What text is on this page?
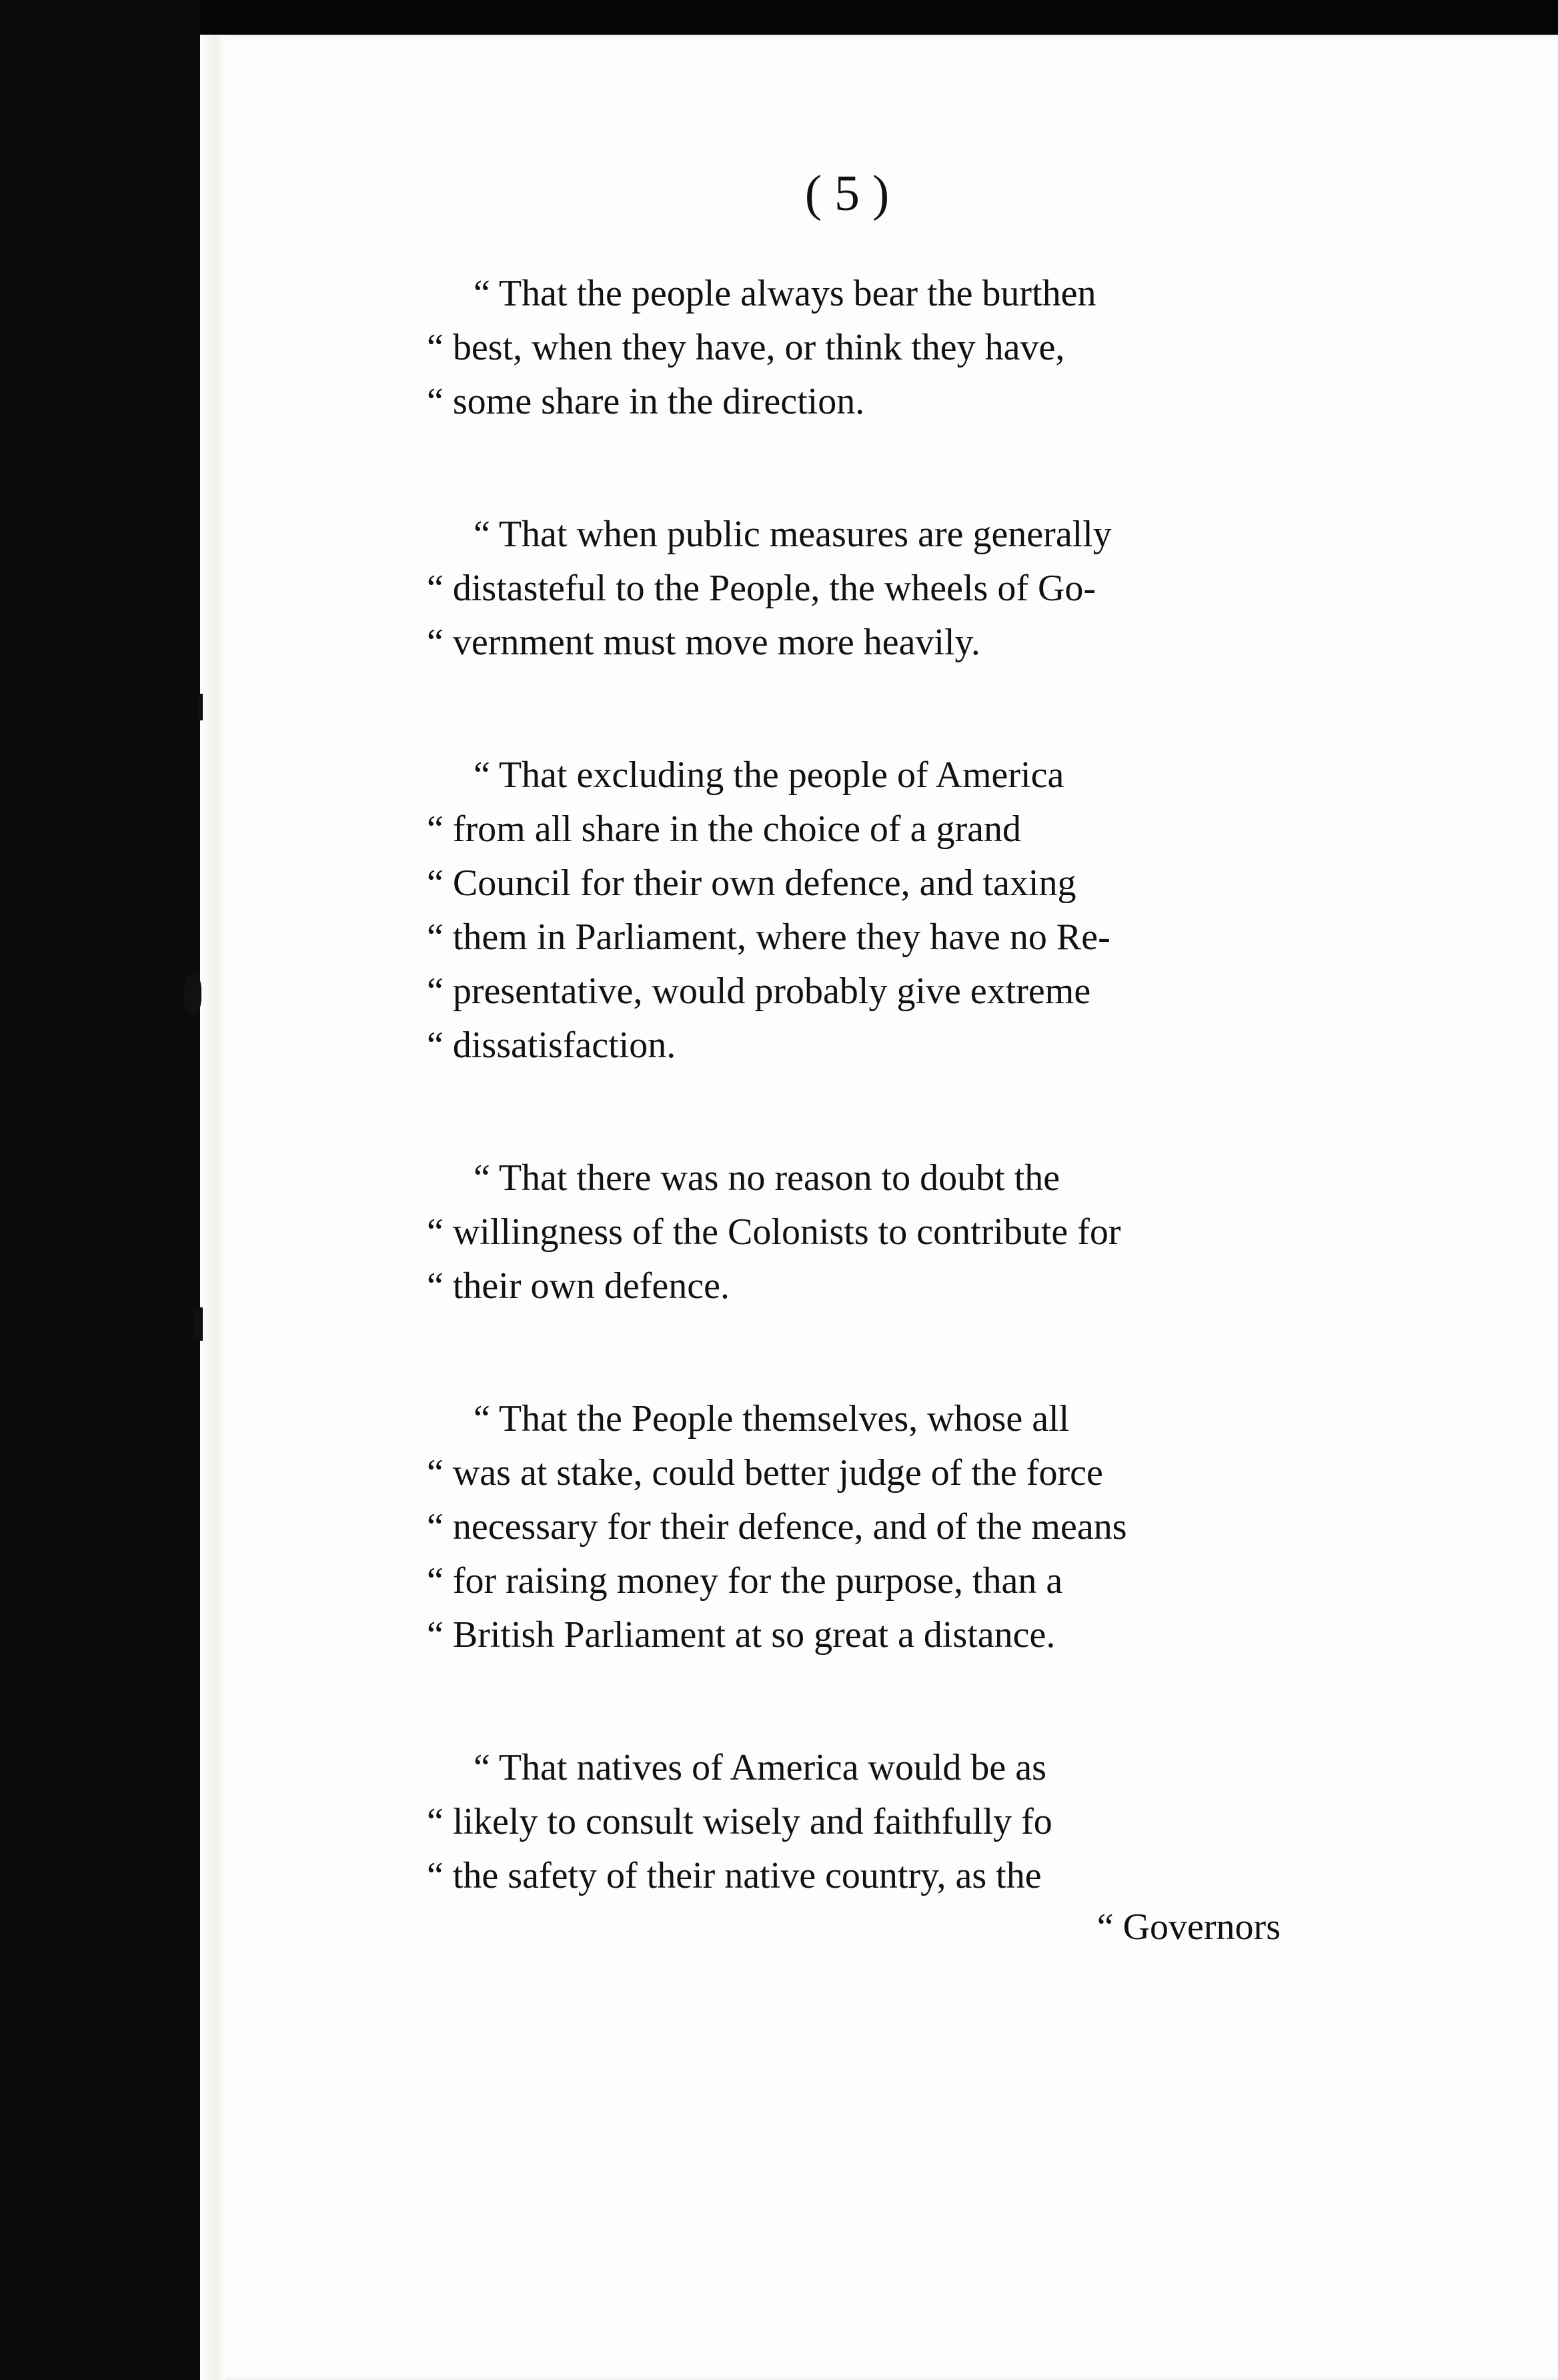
( 5 )
“ That the people always bear the burthen
“ best, when they have, or think they have,
“ some share in the direction.
“ That when public measures are generally
“ distasteful to the People, the wheels of Go-
“ vernment must move more heavily.
“ That excluding the people of America
“ from all share in the choice of a grand
“ Council for their own defence, and taxing
“ them in Parliament, where they have no Re-
“ presentative, would probably give extreme
“ dissatisfaction.
“ That there was no reason to doubt the
“ willingness of the Colonists to contribute for
“ their own defence.
“ That the People themselves, whose all
“ was at stake, could better judge of the force
“ necessary for their defence, and of the means
“ for raising money for the purpose, than a
“ British Parliament at so great a distance.
“ That natives of America would be as
“ likely to consult wisely and faithfully fo
“ the safety of their native country, as the
“ Governors
